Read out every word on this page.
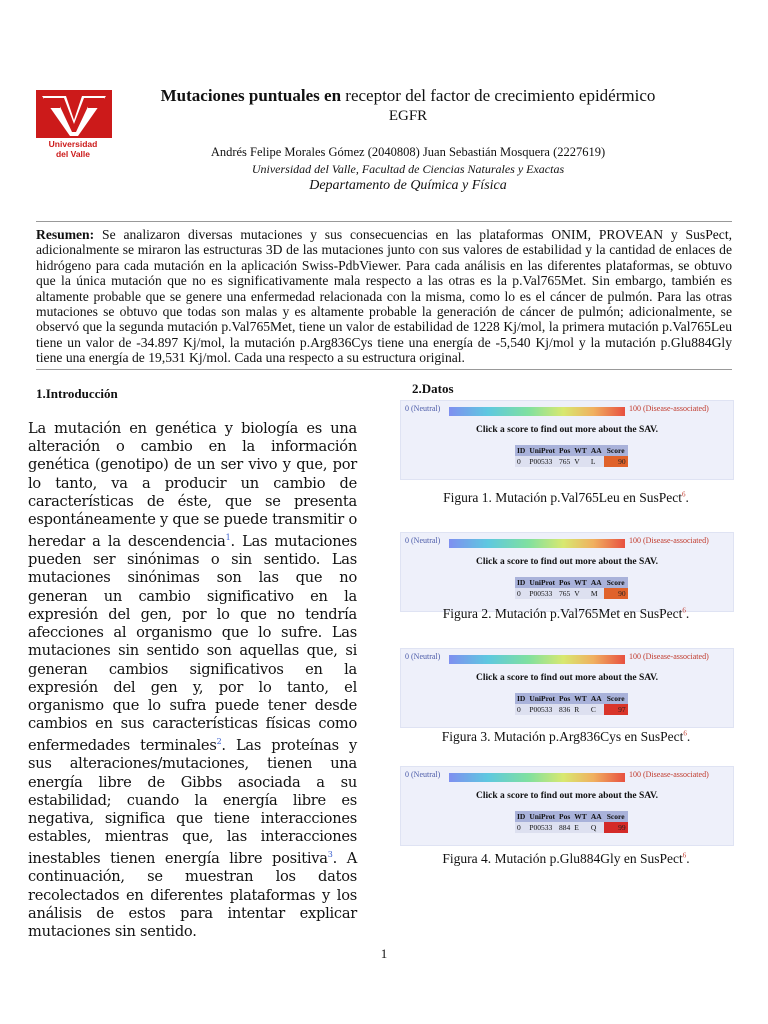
Universidad
del Valle
Mutaciones puntuales en receptor del factor de crecimiento epidérmico
EGFR
Andrés Felipe Morales Gómez (2040808) Juan Sebastián Mosquera (2227619)
Universidad del Valle, Facultad de Ciencias Naturales y Exactas
Departamento de Química y Física
Resumen: Se analizaron diversas mutaciones y sus consecuencias en las plataformas ONIM, PROVEAN y SusPect, adicionalmente se miraron las estructuras 3D de las mutaciones junto con sus valores de estabilidad y la cantidad de enlaces de hidrógeno para cada mutación en la aplicación Swiss-PdbViewer. Para cada análisis en las diferentes plataformas, se obtuvo que la única mutación que no es significativamente mala respecto a las otras es la p.Val765Met. Sin embargo, también es altamente probable que se genere una enfermedad relacionada con la misma, como lo es el cáncer de pulmón. Para las otras mutaciones se obtuvo que todas son malas y es altamente probable la generación de cáncer de pulmón; adicionalmente, se observó que la segunda mutación p.Val765Met, tiene un valor de estabilidad de 1228 Kj/mol, la primera mutación p.Val765Leu tiene un valor de -34.897 Kj/mol, la mutación p.Arg836Cys tiene una energía de -5,540 Kj/mol y la mutación p.Glu884Gly tiene una energía de 19,531 Kj/mol. Cada una respecto a su estructura original.
1.Introducción
La mutación en genética y biología es una alteración o cambio en la información genética (genotipo) de un ser vivo y que, por lo tanto, va a producir un cambio de características de éste, que se presenta espontáneamente y que se puede transmitir o heredar a la descendencia$^1$. Las mutaciones pueden ser sinónimas o sin sentido. Las mutaciones sinónimas son las que no generan un cambio significativo en la expresión del gen, por lo que no tendría afecciones al organismo que lo sufre. Las mutaciones sin sentido son aquellas que, si generan cambios significativos en la expresión del gen y, por lo tanto, el organismo que lo sufra puede tener desde cambios en sus características físicas como enfermedades terminales$^2$. Las proteínas y sus alteraciones/mutaciones, tienen una energía libre de Gibbs asociada a su estabilidad; cuando la energía libre es negativa, significa que tiene interacciones estables, mientras que, las interacciones inestables tienen energía libre positiva$^3$. A continuación, se muestran los datos recolectados en diferentes plataformas y los análisis de estos para intentar explicar mutaciones sin sentido.
2.Datos
0 (Neutral)	100 (Disease-associated)
Click a score to find out more about the SAV.
ID	UniProt	Pos	WT	AA	Score
0	P00533	765	V	L	90
Figura 1. Mutación p.Val765Leu en SusPect$^6$.
0 (Neutral)	100 (Disease-associated)
Click a score to find out more about the SAV.
ID	UniProt	Pos	WT	AA	Score
0	P00533	765	V	M	90
Figura 2. Mutación p.Val765Met en SusPect$^6$.
0 (Neutral)	100 (Disease-associated)
Click a score to find out more about the SAV.
ID	UniProt	Pos	WT	AA	Score
0	P00533	836	R	C	97
Figura 3. Mutación p.Arg836Cys en SusPect$^6$.
0 (Neutral)	100 (Disease-associated)
Click a score to find out more about the SAV.
ID	UniProt	Pos	WT	AA	Score
0	P00533	884	E	Q	99
Figura 4. Mutación p.Glu884Gly en SusPect$^6$.
1
